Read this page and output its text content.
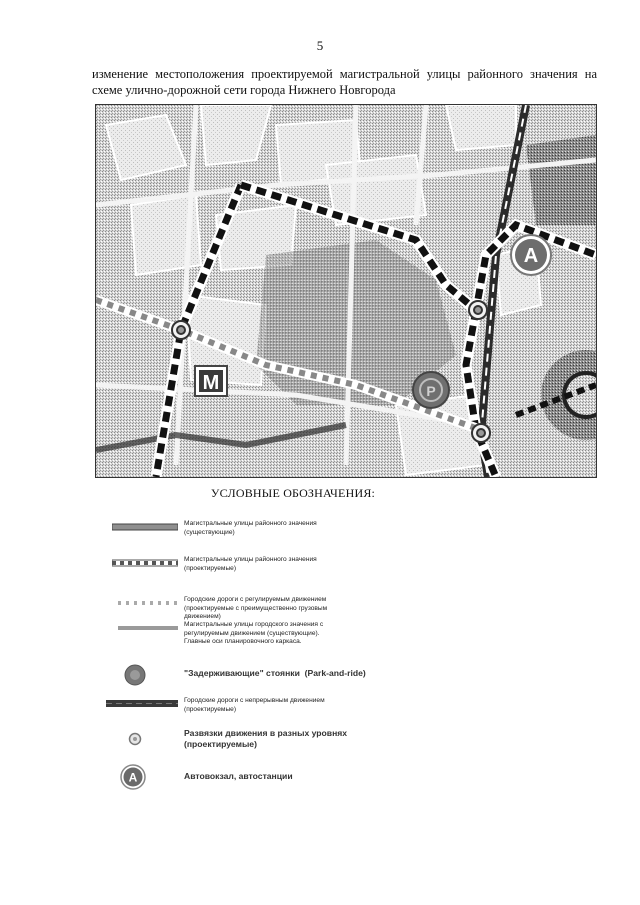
5
изменение местоположения проектируемой магистральной улицы районного значения на схеме улично-дорожной сети города Нижнего Новгорода
A
P
M
УСЛОВНЫЕ ОБОЗНАЧЕНИЯ:
Магистральные улицы районного значения
(существующие)
Магистральные улицы районного значения
(проектируемые)
Городские дороги с регулируемым движением
(проектируемые с преимущественно грузовым
движением)
Магистральные улицы городского значения с
регулируемым движением (существующие).
Главные оси планировочного каркаса.
"Задерживающие" стоянки  (Park-and-ride)
Городские дороги с непрерывным движением
(проектируемые)
Развязки движения в разных уровнях
(проектируемые)
A	Автовокзал, автостанции
